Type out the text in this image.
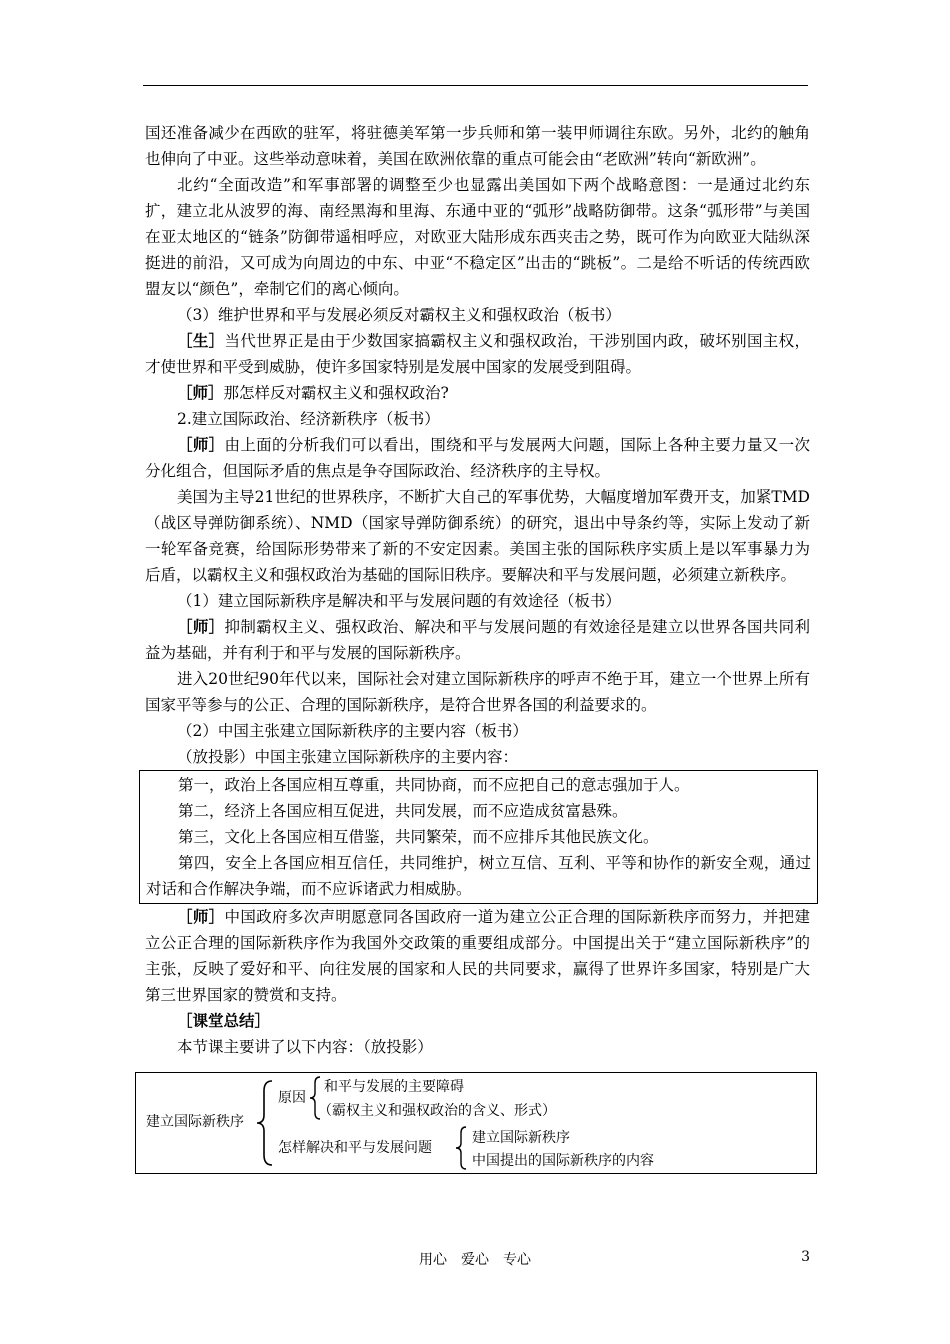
国还准备减少在西欧的驻军，将驻德美军第一步兵师和第一装甲师调往东欧。另外，北约的触角也伸向了中亚。这些举动意味着，美国在欧洲依靠的重点可能会由“老欧洲”转向“新欧洲”。

北约“全面改造”和军事部署的调整至少也显露出美国如下两个战略意图：一是通过北约东扩，建立北从波罗的海、南经黑海和里海、东通中亚的“弧形”战略防御带。这条“弧形带”与美国在亚太地区的“链条”防御带遥相呼应，对欧亚大陆形成东西夹击之势，既可作为向欧亚大陆纵深挺进的前沿，又可成为向周边的中东、中亚“不稳定区”出击的“跳板”。二是给不听话的传统西欧盟友以“颜色”，牵制它们的离心倾向。

（3）维护世界和平与发展必须反对霸权主义和强权政治（板书）

［生］当代世界正是由于少数国家搞霸权主义和强权政治，干涉别国内政，破坏别国主权，才使世界和平受到威胁，使许多国家特别是发展中国家的发展受到阻碍。

［师］那怎样反对霸权主义和强权政治?

2.建立国际政治、经济新秩序（板书）

［师］由上面的分析我们可以看出，围绕和平与发展两大问题，国际上各种主要力量又一次分化组合，但国际矛盾的焦点是争夺国际政治、经济秩序的主导权。

美国为主导21世纪的世界秩序，不断扩大自己的军事优势，大幅度增加军费开支，加紧TMD（战区导弹防御系统）、NMD（国家导弹防御系统）的研究，退出中导条约等，实际上发动了新一轮军备竞赛，给国际形势带来了新的不安定因素。美国主张的国际秩序实质上是以军事暴力为后盾，以霸权主义和强权政治为基础的国际旧秩序。要解决和平与发展问题，必须建立新秩序。

（1）建立国际新秩序是解决和平与发展问题的有效途径（板书）

［师］抑制霸权主义、强权政治、解决和平与发展问题的有效途径是建立以世界各国共同利益为基础，并有利于和平与发展的国际新秩序。

进入20世纪90年代以来，国际社会对建立国际新秩序的呼声不绝于耳，建立一个世界上所有国家平等参与的公正、合理的国际新秩序，是符合世界各国的利益要求的。

（2）中国主张建立国际新秩序的主要内容（板书）

（放投影）中国主张建立国际新秩序的主要内容：

第一，政治上各国应相互尊重，共同协商，而不应把自己的意志强加于人。

第二，经济上各国应相互促进，共同发展，而不应造成贫富悬殊。

第三，文化上各国应相互借鉴，共同繁荣，而不应排斥其他民族文化。

第四，安全上各国应相互信任，共同维护，树立互信、互利、平等和协作的新安全观，通过对话和合作解决争端，而不应诉诸武力相威胁。

［师］中国政府多次声明愿意同各国政府一道为建立公正合理的国际新秩序而努力，并把建立公正合理的国际新秩序作为我国外交政策的重要组成部分。中国提出关于“建立国际新秩序”的主张，反映了爱好和平、向往发展的国家和人民的共同要求，赢得了世界许多国家，特别是广大第三世界国家的赞赏和支持。

［课堂总结］

本节课主要讲了以下内容：（放投影）

建立国际新秩序
原因
和平与发展的主要障碍
（霸权主义和强权政治的含义、形式）
怎样解决和平与发展问题
建立国际新秩序
中国提出的国际新秩序的内容
用心　爱心　专心	3
